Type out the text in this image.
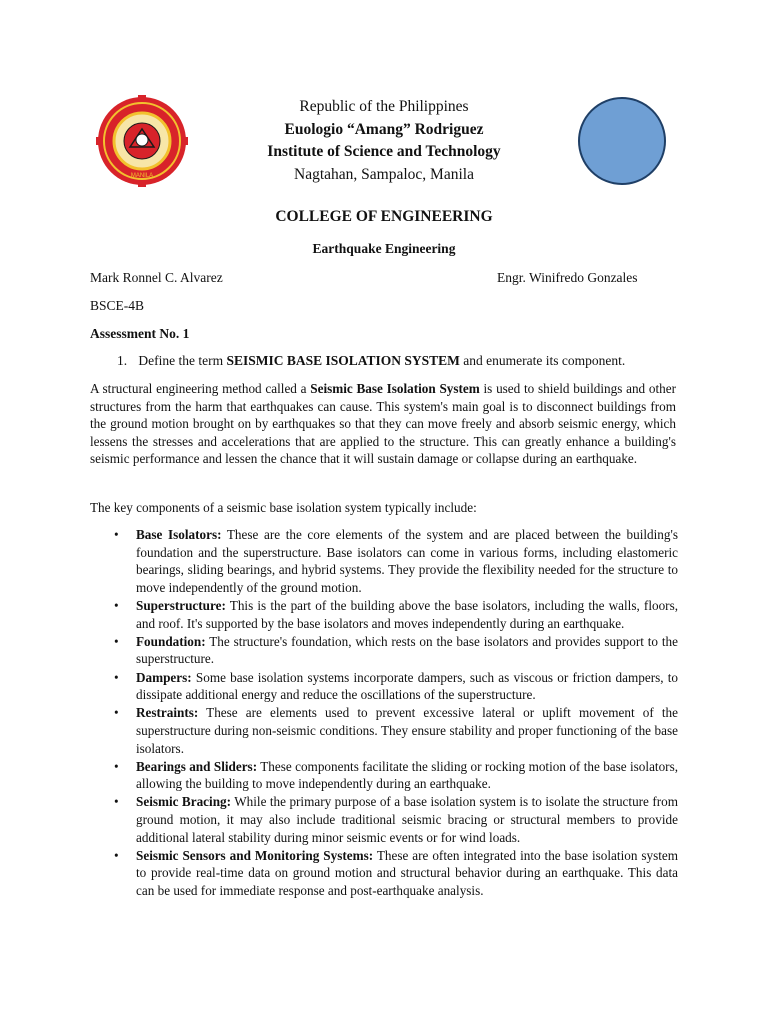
MANILA
Republic of the Philippines
Euologio “Amang” Rodriguez
Institute of Science and Technology
Nagtahan, Sampaloc, Manila
COLLEGE OF ENGINEERING
Earthquake Engineering
Mark Ronnel C. Alvarez	Engr. Winifredo Gonzales
BSCE-4B
Assessment No. 1
1. Define the term SEISMIC BASE ISOLATION SYSTEM and enumerate its component.
A structural engineering method called a Seismic Base Isolation System is used to shield buildings and other structures from the harm that earthquakes can cause. This system's main goal is to disconnect buildings from the ground motion brought on by earthquakes so that they can move freely and absorb seismic energy, which lessens the stresses and accelerations that are applied to the structure. This can greatly enhance a building's seismic performance and lessen the chance that it will sustain damage or collapse during an earthquake.
The key components of a seismic base isolation system typically include:
• Base Isolators: These are the core elements of the system and are placed between the building's foundation and the superstructure. Base isolators can come in various forms, including elastomeric bearings, sliding bearings, and hybrid systems. They provide the flexibility needed for the structure to move independently of the ground motion.
• Superstructure: This is the part of the building above the base isolators, including the walls, floors, and roof. It's supported by the base isolators and moves independently during an earthquake.
• Foundation: The structure's foundation, which rests on the base isolators and provides support to the superstructure.
• Dampers: Some base isolation systems incorporate dampers, such as viscous or friction dampers, to dissipate additional energy and reduce the oscillations of the superstructure.
• Restraints: These are elements used to prevent excessive lateral or uplift movement of the superstructure during non-seismic conditions. They ensure stability and proper functioning of the base isolators.
• Bearings and Sliders: These components facilitate the sliding or rocking motion of the base isolators, allowing the building to move independently during an earthquake.
• Seismic Bracing: While the primary purpose of a base isolation system is to isolate the structure from ground motion, it may also include traditional seismic bracing or structural members to provide additional lateral stability during minor seismic events or for wind loads.
• Seismic Sensors and Monitoring Systems: These are often integrated into the base isolation system to provide real-time data on ground motion and structural behavior during an earthquake. This data can be used for immediate response and post-earthquake analysis.
